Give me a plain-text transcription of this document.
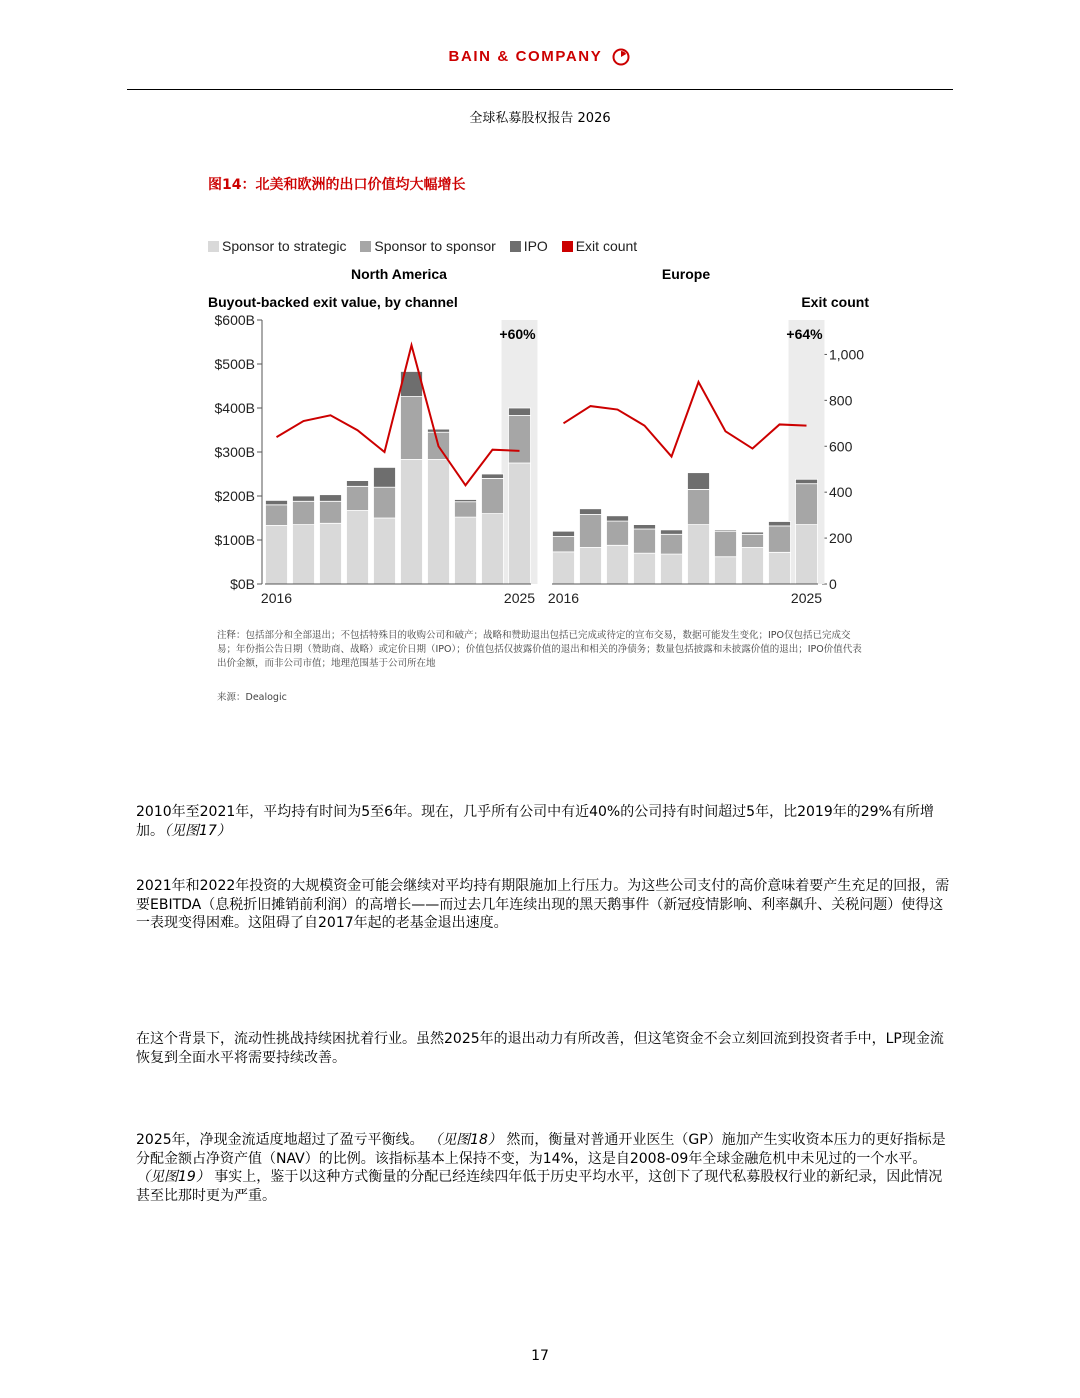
BAIN & COMPANY
全球私募股权报告 2026
图14：北美和欧洲的出口价值均大幅增长
Sponsor to strategic Sponsor to sponsor IPO Exit count
North America	Europe
Buyout-backed exit value, by channel	Exit count
$0B
$100B
$200B
$300B
$400B
$500B
$600B
0
200
400
600
800
1,000
+60%
2016	2025
+64%
2016	2025
注释：包括部分和全部退出；不包括特殊目的收购公司和破产；战略和赞助退出包括已完成或待定的宣布交易，数据可能发生变化；IPO仅包括已完成交易；年份指公告日期（赞助商、战略）或定价日期（IPO）；价值包括仅披露价值的退出和相关的净债务；数量包括披露和未披露价值的退出；IPO价值代表出价金额，而非公司市值；地理范围基于公司所在地
来源：Dealogic
2010年至2021年，平均持有时间为5至6年。现在，几乎所有公司中有近40%的公司持有时间超过5年，比2019年的29%有所增加。（见图17）
2021年和2022年投资的大规模资金可能会继续对平均持有期限施加上行压力。为这些公司支付的高价意味着要产生充足的回报，需要EBITDA（息税折旧摊销前利润）的高增长——而过去几年连续出现的黑天鹅事件（新冠疫情影响、利率飙升、关税问题）使得这一表现变得困难。这阻碍了自2017年起的老基金退出速度。
在这个背景下，流动性挑战持续困扰着行业。虽然2025年的退出动力有所改善，但这笔资金不会立刻回流到投资者手中，LP现金流恢复到全面水平将需要持续改善。
2025年，净现金流适度地超过了盈亏平衡线。 （见图18） 然而，衡量对普通开业医生（GP）施加产生实收资本压力的更好指标是分配金额占净资产值（NAV）的比例。该指标基本上保持不变，为14%，这是自2008-09年全球金融危机中未见过的一个水平。
（见图19） 事实上，鉴于以这种方式衡量的分配已经连续四年低于历史平均水平，这创下了现代私募股权行业的新纪录，因此情况甚至比那时更为严重。
17
